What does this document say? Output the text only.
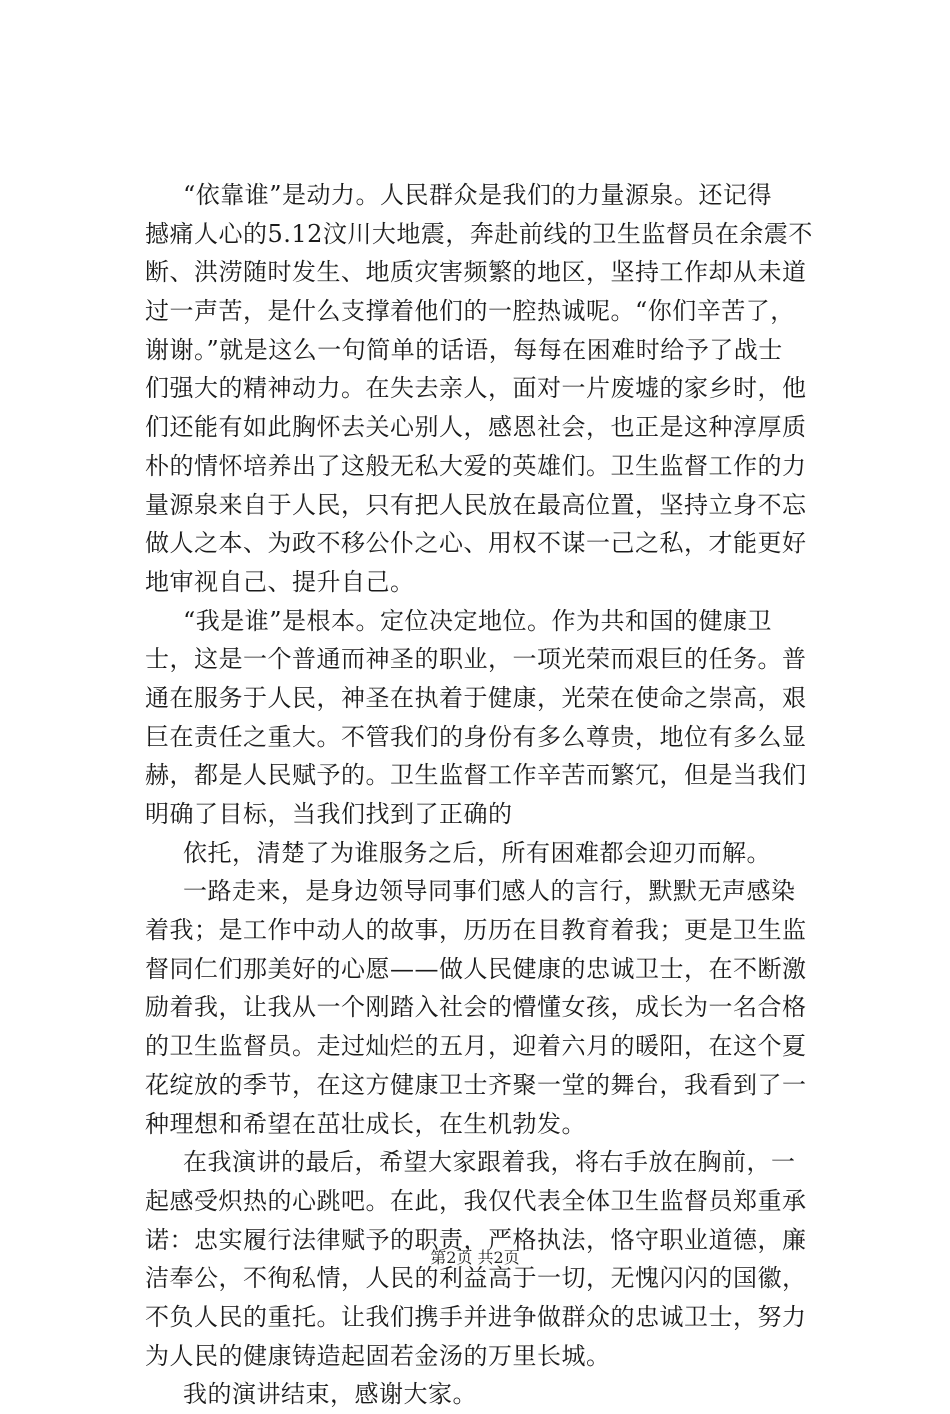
“依靠谁”是动力。人民群众是我们的力量源泉。还记得
撼痛人心的5.12汶川大地震，奔赴前线的卫生监督员在余震不
断、洪涝随时发生、地质灾害频繁的地区，坚持工作却从未道
过一声苦，是什么支撑着他们的一腔热诚呢。“你们辛苦了，
谢谢。”就是这么一句简单的话语，每每在困难时给予了战士
们强大的精神动力。在失去亲人，面对一片废墟的家乡时，他
们还能有如此胸怀去关心别人，感恩社会，也正是这种淳厚质
朴的情怀培养出了这般无私大爱的英雄们。卫生监督工作的力
量源泉来自于人民，只有把人民放在最高位置，坚持立身不忘
做人之本、为政不移公仆之心、用权不谋一己之私，才能更好
地审视自己、提升自己。
“我是谁”是根本。定位决定地位。作为共和国的健康卫
士，这是一个普通而神圣的职业，一项光荣而艰巨的任务。普
通在服务于人民，神圣在执着于健康，光荣在使命之崇高，艰
巨在责任之重大。不管我们的身份有多么尊贵，地位有多么显
赫，都是人民赋予的。卫生监督工作辛苦而繁冗，但是当我们
明确了目标，当我们找到了正确的
依托，清楚了为谁服务之后，所有困难都会迎刃而解。
一路走来，是身边领导同事们感人的言行，默默无声感染
着我；是工作中动人的故事，历历在目教育着我；更是卫生监
督同仁们那美好的心愿——做人民健康的忠诚卫士，在不断激
励着我，让我从一个刚踏入社会的懵懂女孩，成长为一名合格
的卫生监督员。走过灿烂的五月，迎着六月的暖阳，在这个夏
花绽放的季节，在这方健康卫士齐聚一堂的舞台，我看到了一
种理想和希望在茁壮成长，在生机勃发。
在我演讲的最后，希望大家跟着我，将右手放在胸前，一
起感受炽热的心跳吧。在此，我仅代表全体卫生监督员郑重承
诺：忠实履行法律赋予的职责，严格执法，恪守职业道德，廉
洁奉公，不徇私情，人民的利益高于一切，无愧闪闪的国徽，
不负人民的重托。让我们携手并进争做群众的忠诚卫士，努力
为人民的健康铸造起固若金汤的万里长城。
我的演讲结束，感谢大家。
第2页 共2页
